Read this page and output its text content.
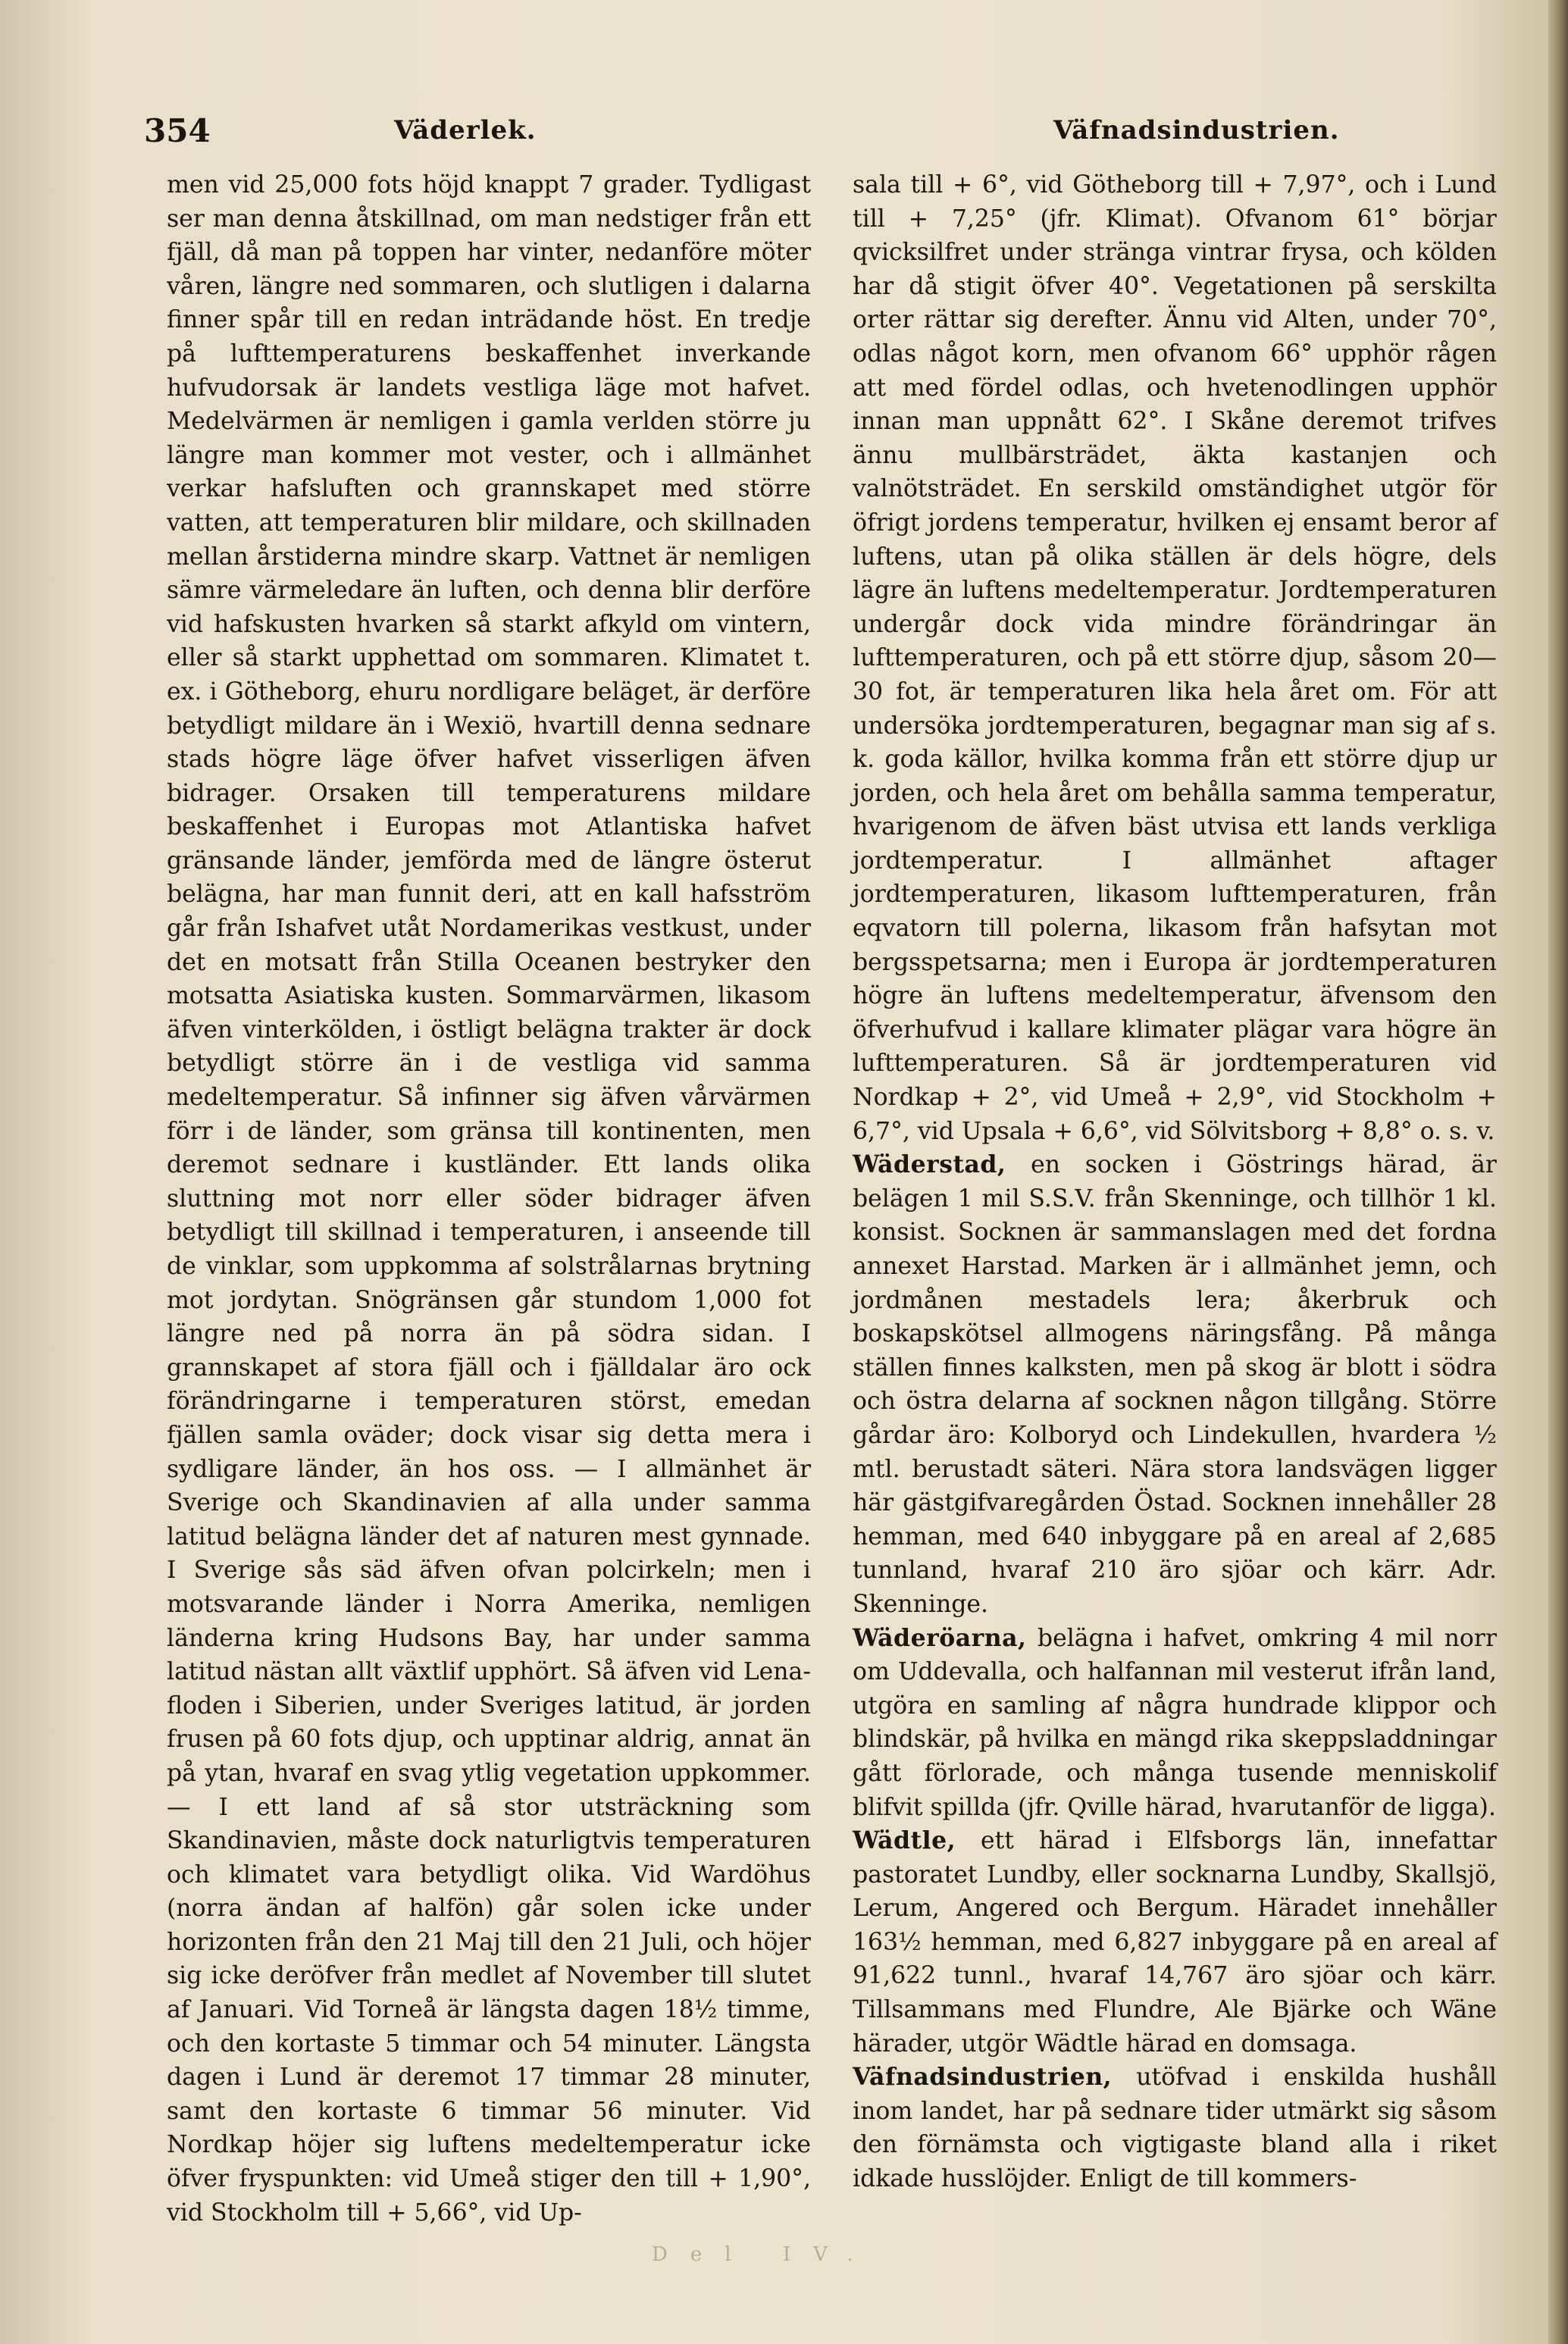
354	Väderlek.	Väfnadsindustrien.

men vid 25,000 fots höjd knappt 7 grader. Tydligast ser man denna åtskillnad, om man nedstiger från ett fjäll, då man på toppen har vinter, nedanföre möter våren, längre ned sommaren, och slutligen i dalarna finner spår till en redan inträdande höst. En tredje på lufttemperaturens beskaffenhet inverkande hufvudorsak är landets vestliga läge mot hafvet. Medelvärmen är nemligen i gamla verlden större ju längre man kommer mot vester, och i allmänhet verkar hafsluften och grannskapet med större vatten, att temperaturen blir mildare, och skillnaden mellan årstiderna mindre skarp. Vattnet är nemligen sämre värmeledare än luften, och denna blir derföre vid hafskusten hvarken så starkt afkyld om vintern, eller så starkt upphettad om sommaren. Klimatet t. ex. i Götheborg, ehuru nordligare beläget, är derföre betydligt mildare än i Wexiö, hvartill denna sednare stads högre läge öfver hafvet visserligen äfven bidrager. Orsaken till temperaturens mildare beskaffenhet i Europas mot Atlantiska hafvet gränsande länder, jemförda med de längre österut belägna, har man funnit deri, att en kall hafsström går från Ishafvet utåt Nordamerikas vestkust, under det en motsatt från Stilla Oceanen bestryker den motsatta Asiatiska kusten. Sommarvärmen, likasom äfven vinterkölden, i östligt belägna trakter är dock betydligt större än i de vestliga vid samma medeltemperatur. Så infinner sig äfven vårvärmen förr i de länder, som gränsa till kontinenten, men deremot sednare i kustländer. Ett lands olika sluttning mot norr eller söder bidrager äfven betydligt till skillnad i temperaturen, i anseende till de vinklar, som uppkomma af solstrålarnas brytning mot jordytan. Snögränsen går stundom 1,000 fot längre ned på norra än på södra sidan. I grannskapet af stora fjäll och i fjälldalar äro ock förändringarne i temperaturen störst, emedan fjällen samla oväder; dock visar sig detta mera i sydligare länder, än hos oss. — I allmänhet är Sverige och Skandinavien af alla under samma latitud belägna länder det af naturen mest gynnade. I Sverige sås säd äfven ofvan polcirkeln; men i motsvarande länder i Norra Amerika, nemligen länderna kring Hudsons Bay, har under samma latitud nästan allt växtlif upphört. Så äfven vid Lena-floden i Siberien, under Sveriges latitud, är jorden frusen på 60 fots djup, och upptinar aldrig, annat än på ytan, hvaraf en svag ytlig vegetation uppkommer. — I ett land af så stor utsträckning som Skandinavien, måste dock naturligtvis temperaturen och klimatet vara betydligt olika. Vid Wardöhus (norra ändan af halfön) går solen icke under horizonten från den 21 Maj till den 21 Juli, och höjer sig icke deröfver från medlet af November till slutet af Januari. Vid Torneå är längsta dagen 18½ timme, och den kortaste 5 timmar och 54 minuter. Längsta dagen i Lund är deremot 17 timmar 28 minuter, samt den kortaste 6 timmar 56 minuter. Vid Nordkap höjer sig luftens medeltemperatur icke öfver fryspunkten: vid Umeå stiger den till + 1,90°, vid Stockholm till + 5,66°, vid Up-

sala till + 6°, vid Götheborg till + 7,97°, och i Lund till + 7,25° (jfr. Klimat). Ofvanom 61° börjar qvicksilfret under stränga vintrar frysa, och kölden har då stigit öfver 40°. Vegetationen på serskilta orter rättar sig derefter. Ännu vid Alten, under 70°, odlas något korn, men ofvanom 66° upphör rågen att med fördel odlas, och hvetenodlingen upphör innan man uppnått 62°. I Skåne deremot trifves ännu mullbärsträdet, äkta kastanjen och valnötsträdet. En serskild omständighet utgör för öfrigt jordens temperatur, hvilken ej ensamt beror af luftens, utan på olika ställen är dels högre, dels lägre än luftens medeltemperatur. Jordtemperaturen undergår dock vida mindre förändringar än lufttemperaturen, och på ett större djup, såsom 20—30 fot, är temperaturen lika hela året om. För att undersöka jordtemperaturen, begagnar man sig af s. k. goda källor, hvilka komma från ett större djup ur jorden, och hela året om behålla samma temperatur, hvarigenom de äfven bäst utvisa ett lands verkliga jordtemperatur. I allmänhet aftager jordtemperaturen, likasom lufttemperaturen, från eqvatorn till polerna, likasom från hafsytan mot bergsspetsarna; men i Europa är jordtemperaturen högre än luftens medeltemperatur, äfvensom den öfverhufvud i kallare klimater plägar vara högre än lufttemperaturen. Så är jordtemperaturen vid Nordkap + 2°, vid Umeå + 2,9°, vid Stockholm + 6,7°, vid Upsala + 6,6°, vid Sölvitsborg + 8,8° o. s. v.

Wäderstad, en socken i Göstrings härad, är belägen 1 mil S.S.V. från Skenninge, och tillhör 1 kl. konsist. Socknen är sammanslagen med det fordna annexet Harstad. Marken är i allmänhet jemn, och jordmånen mestadels lera; åkerbruk och boskapskötsel allmogens näringsfång. På många ställen finnes kalksten, men på skog är blott i södra och östra delarna af socknen någon tillgång. Större gårdar äro: Kolboryd och Lindekullen, hvardera ½ mtl. berustadt säteri. Nära stora landsvägen ligger här gästgifvaregården Östad. Socknen innehåller 28 hemman, med 640 inbyggare på en areal af 2,685 tunnland, hvaraf 210 äro sjöar och kärr. Adr. Skenninge.

Wäderöarna, belägna i hafvet, omkring 4 mil norr om Uddevalla, och halfannan mil vesterut ifrån land, utgöra en samling af några hundrade klippor och blindskär, på hvilka en mängd rika skeppsladdningar gått förlorade, och många tusende menniskolif blifvit spillda (jfr. Qville härad, hvarutanför de ligga).

Wädtle, ett härad i Elfsborgs län, innefattar pastoratet Lundby, eller socknarna Lundby, Skallsjö, Lerum, Angered och Bergum. Häradet innehåller 163½ hemman, med 6,827 inbyggare på en areal af 91,622 tunnl., hvaraf 14,767 äro sjöar och kärr. Tillsammans med Flundre, Ale Bjärke och Wäne härader, utgör Wädtle härad en domsaga.

Väfnadsindustrien, utöfvad i enskilda hushåll inom landet, har på sednare tider utmärkt sig såsom den förnämsta och vigtigaste bland alla i riket idkade husslöjder. Enligt de till kommers-

Del IV.
